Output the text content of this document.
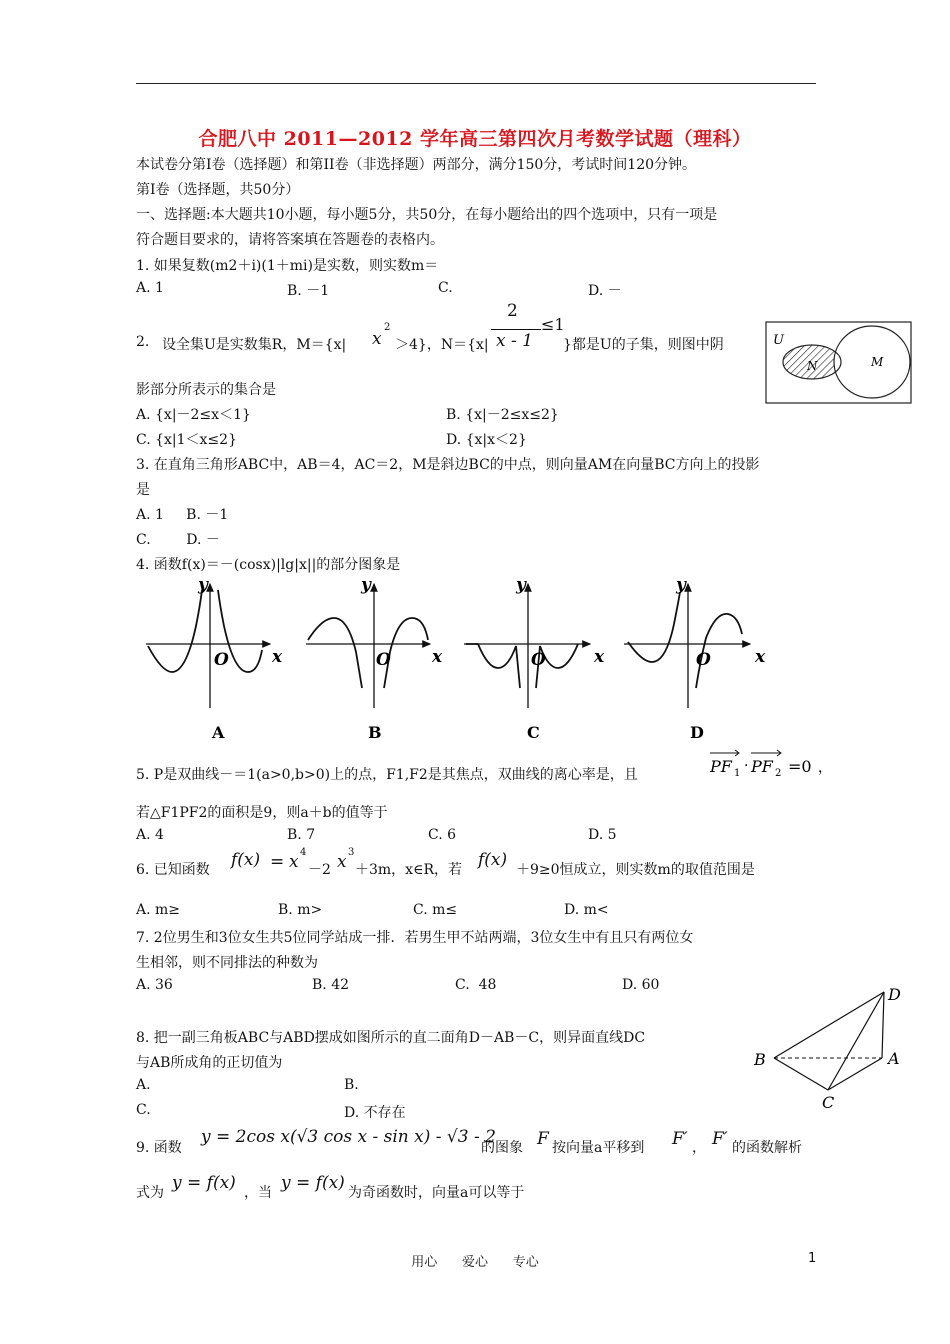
合肥八中 2011—2012 学年高三第四次月考数学试题（理科）
本试卷分第Ⅰ卷（选择题）和第II卷（非选择题）两部分，满分150分，考试时间120分钟。
第Ⅰ卷（选择题，共50分）
一、选择题:本大题共10小题，每小题5分，共50分，在每小题给出的四个选项中，只有一项是
符合题目要求的，请将答案填在答题卷的表格内。
1. 如果复数(m2＋i)(1＋mi)是实数，则实数m＝
A. 1	B. －1	C.	D. －
2. 设全集U是实数集R，M＝{x| x
2
＞4}，N＝{x|
2
x - 1
≤1
}都是U的子集，则图中阴
影部分所表示的集合是
A. {x|－2≤x＜1}	B. {x|－2≤x≤2}
C. {x|1＜x≤2}	D. {x|x＜2}
U
N	M
3. 在直角三角形ABC中，AB＝4，AC＝2，M是斜边BC的中点，则向量AM在向量BC方向上的投影
是
A. 1     B. －1
C.        D. －
4. 函数f(x)＝－(cosx)|lg|x||的部分图象是
y
O	x
A
y
O x
B
y
O	x
C
y
O	x
D
5. P是双曲线－＝1(a>0,b>0)上的点，F1,F2是其焦点，双曲线的离心率是，且	PF 1 · PF 2 =0 ，
若△F1PF2的面积是9，则a＋b的值等于
A. 4	B. 7	C. 6	D. 5
6. 已知函数 f(x) = x 4
－2 x 3
＋3m，x∈R，若 f(x) ＋9≥0恒成立，则实数m的取值范围是
A. m≥	B. m>	C. m≤	D. m<
7. 2位男生和3位女生共5位同学站成一排．若男生甲不站两端，3位女生中有且只有两位女
生相邻，则不同排法的种数为
A. 36	B. 42	C.  48	D. 60
8. 把一副三角板ABC与ABD摆成如图所示的直二面角D－AB－C，则异面直线DC
与AB所成角的正切值为
A.	B.
C.	D. 不存在
D
B	A
C
9. 函数
y = 2cos x(√3 cos x - sin x) - √3 - 2
的图象 F 按向量a平移到 F′ ， F′ 的函数解析
式为 y = f(x) ，当 y = f(x) 为奇函数时，向量a可以等于
用心      爱心      专心	1
